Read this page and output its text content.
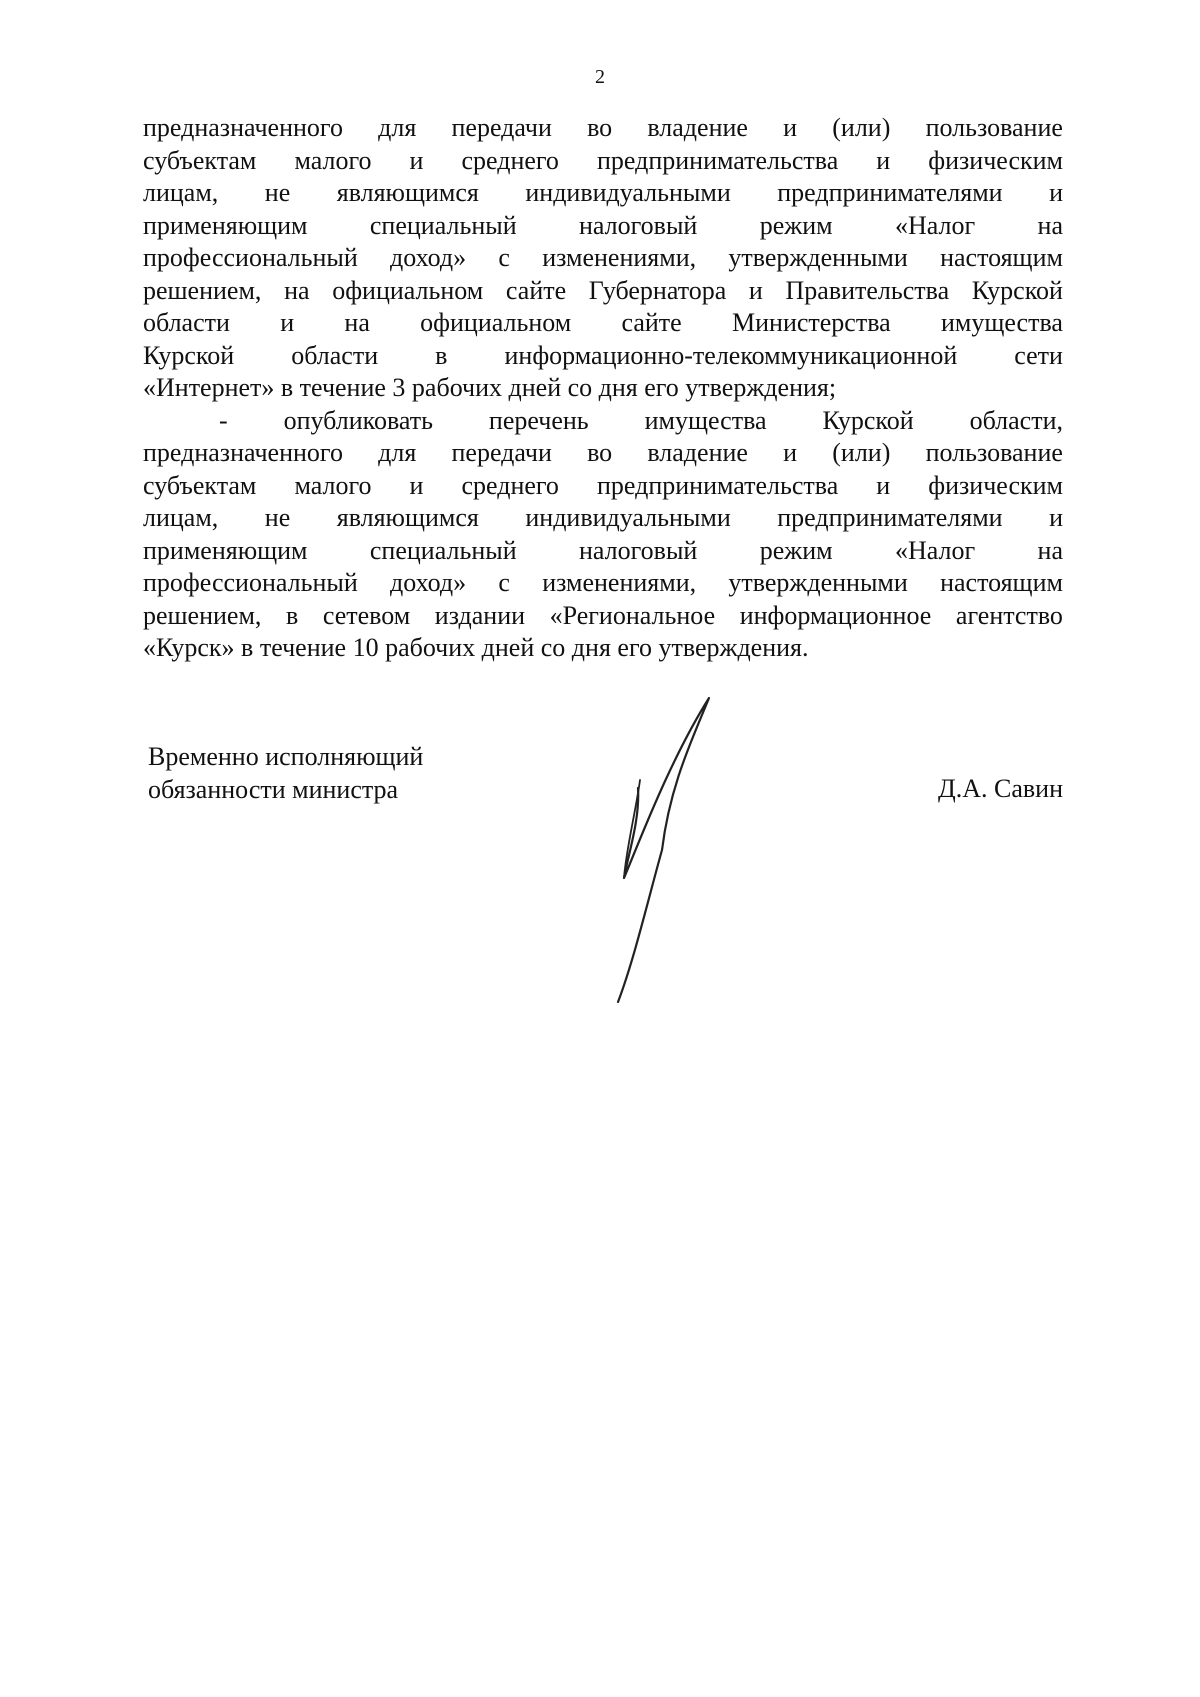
2
предназначенного для передачи во владение и (или) пользование
субъектам малого и среднего предпринимательства и физическим
лицам, не являющимся индивидуальными предпринимателями и
применяющим специальный налоговый режим «Налог на
профессиональный доход» с изменениями, утвержденными настоящим
решением, на официальном сайте Губернатора и Правительства Курской
области и на официальном сайте Министерства имущества
Курской области в информационно-телекоммуникационной сети
«Интернет» в течение 3 рабочих дней со дня его утверждения;
- опубликовать перечень имущества Курской области,
предназначенного для передачи во владение и (или) пользование
субъектам малого и среднего предпринимательства и физическим
лицам, не являющимся индивидуальными предпринимателями и
применяющим специальный налоговый режим «Налог на
профессиональный доход» с изменениями, утвержденными настоящим
решением, в сетевом издании «Региональное информационное агентство
«Курск» в течение 10 рабочих дней со дня его утверждения.
Временно исполняющий
обязанности министра	Д.А. Савин
